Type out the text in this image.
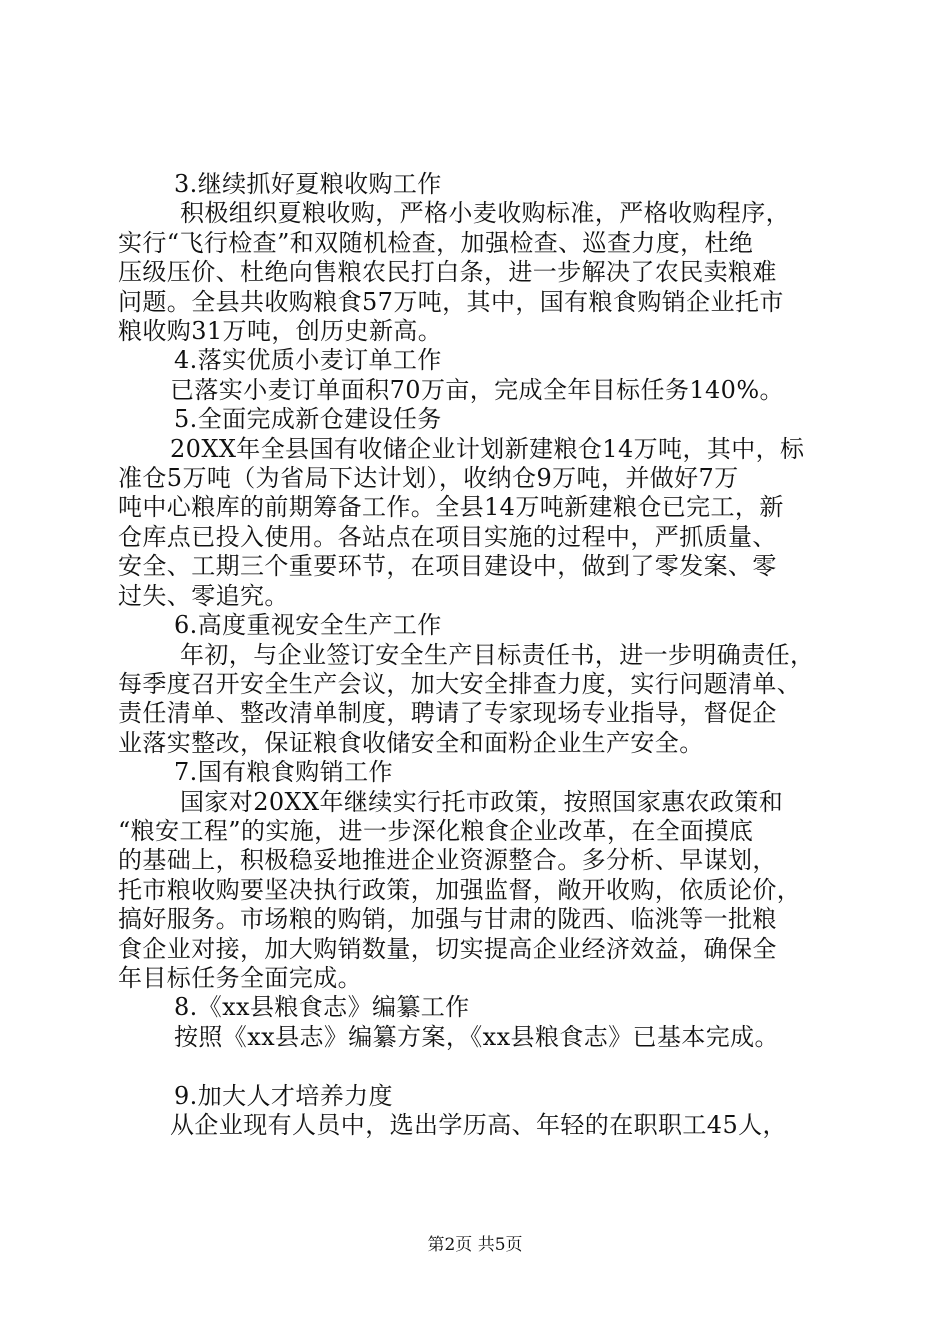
3.继续抓好夏粮收购工作

积极组织夏粮收购，严格小麦收购标准，严格收购程序，

实行“飞行检查”和双随机检查，加强检查、巡查力度，杜绝

压级压价、杜绝向售粮农民打白条，进一步解决了农民卖粮难

问题。全县共收购粮食57万吨，其中，国有粮食购销企业托市

粮收购31万吨，创历史新高。

4.落实优质小麦订单工作

已落实小麦订单面积70万亩，完成全年目标任务140%。

5.全面完成新仓建设任务

20XX年全县国有收储企业计划新建粮仓14万吨，其中，标

准仓5万吨（为省局下达计划），收纳仓9万吨，并做好7万

吨中心粮库的前期筹备工作。全县14万吨新建粮仓已完工，新

仓库点已投入使用。各站点在项目实施的过程中，严抓质量、

安全、工期三个重要环节，在项目建设中，做到了零发案、零

过失、零追究。

6.高度重视安全生产工作

年初，与企业签订安全生产目标责任书，进一步明确责任，

每季度召开安全生产会议，加大安全排查力度，实行问题清单、

责任清单、整改清单制度，聘请了专家现场专业指导，督促企

业落实整改，保证粮食收储安全和面粉企业生产安全。

7.国有粮食购销工作

国家对20XX年继续实行托市政策，按照国家惠农政策和

“粮安工程”的实施，进一步深化粮食企业改革，在全面摸底

的基础上，积极稳妥地推进企业资源整合。多分析、早谋划，

托市粮收购要坚决执行政策，加强监督，敞开收购，依质论价，

搞好服务。市场粮的购销，加强与甘肃的陇西、临洮等一批粮

食企业对接，加大购销数量，切实提高企业经济效益，确保全

年目标任务全面完成。

8.《xx县粮食志》编纂工作

按照《xx县志》编纂方案，《xx县粮食志》已基本完成。

9.加大人才培养力度

从企业现有人员中，选出学历高、年轻的在职职工45人，

第2页 共5页
